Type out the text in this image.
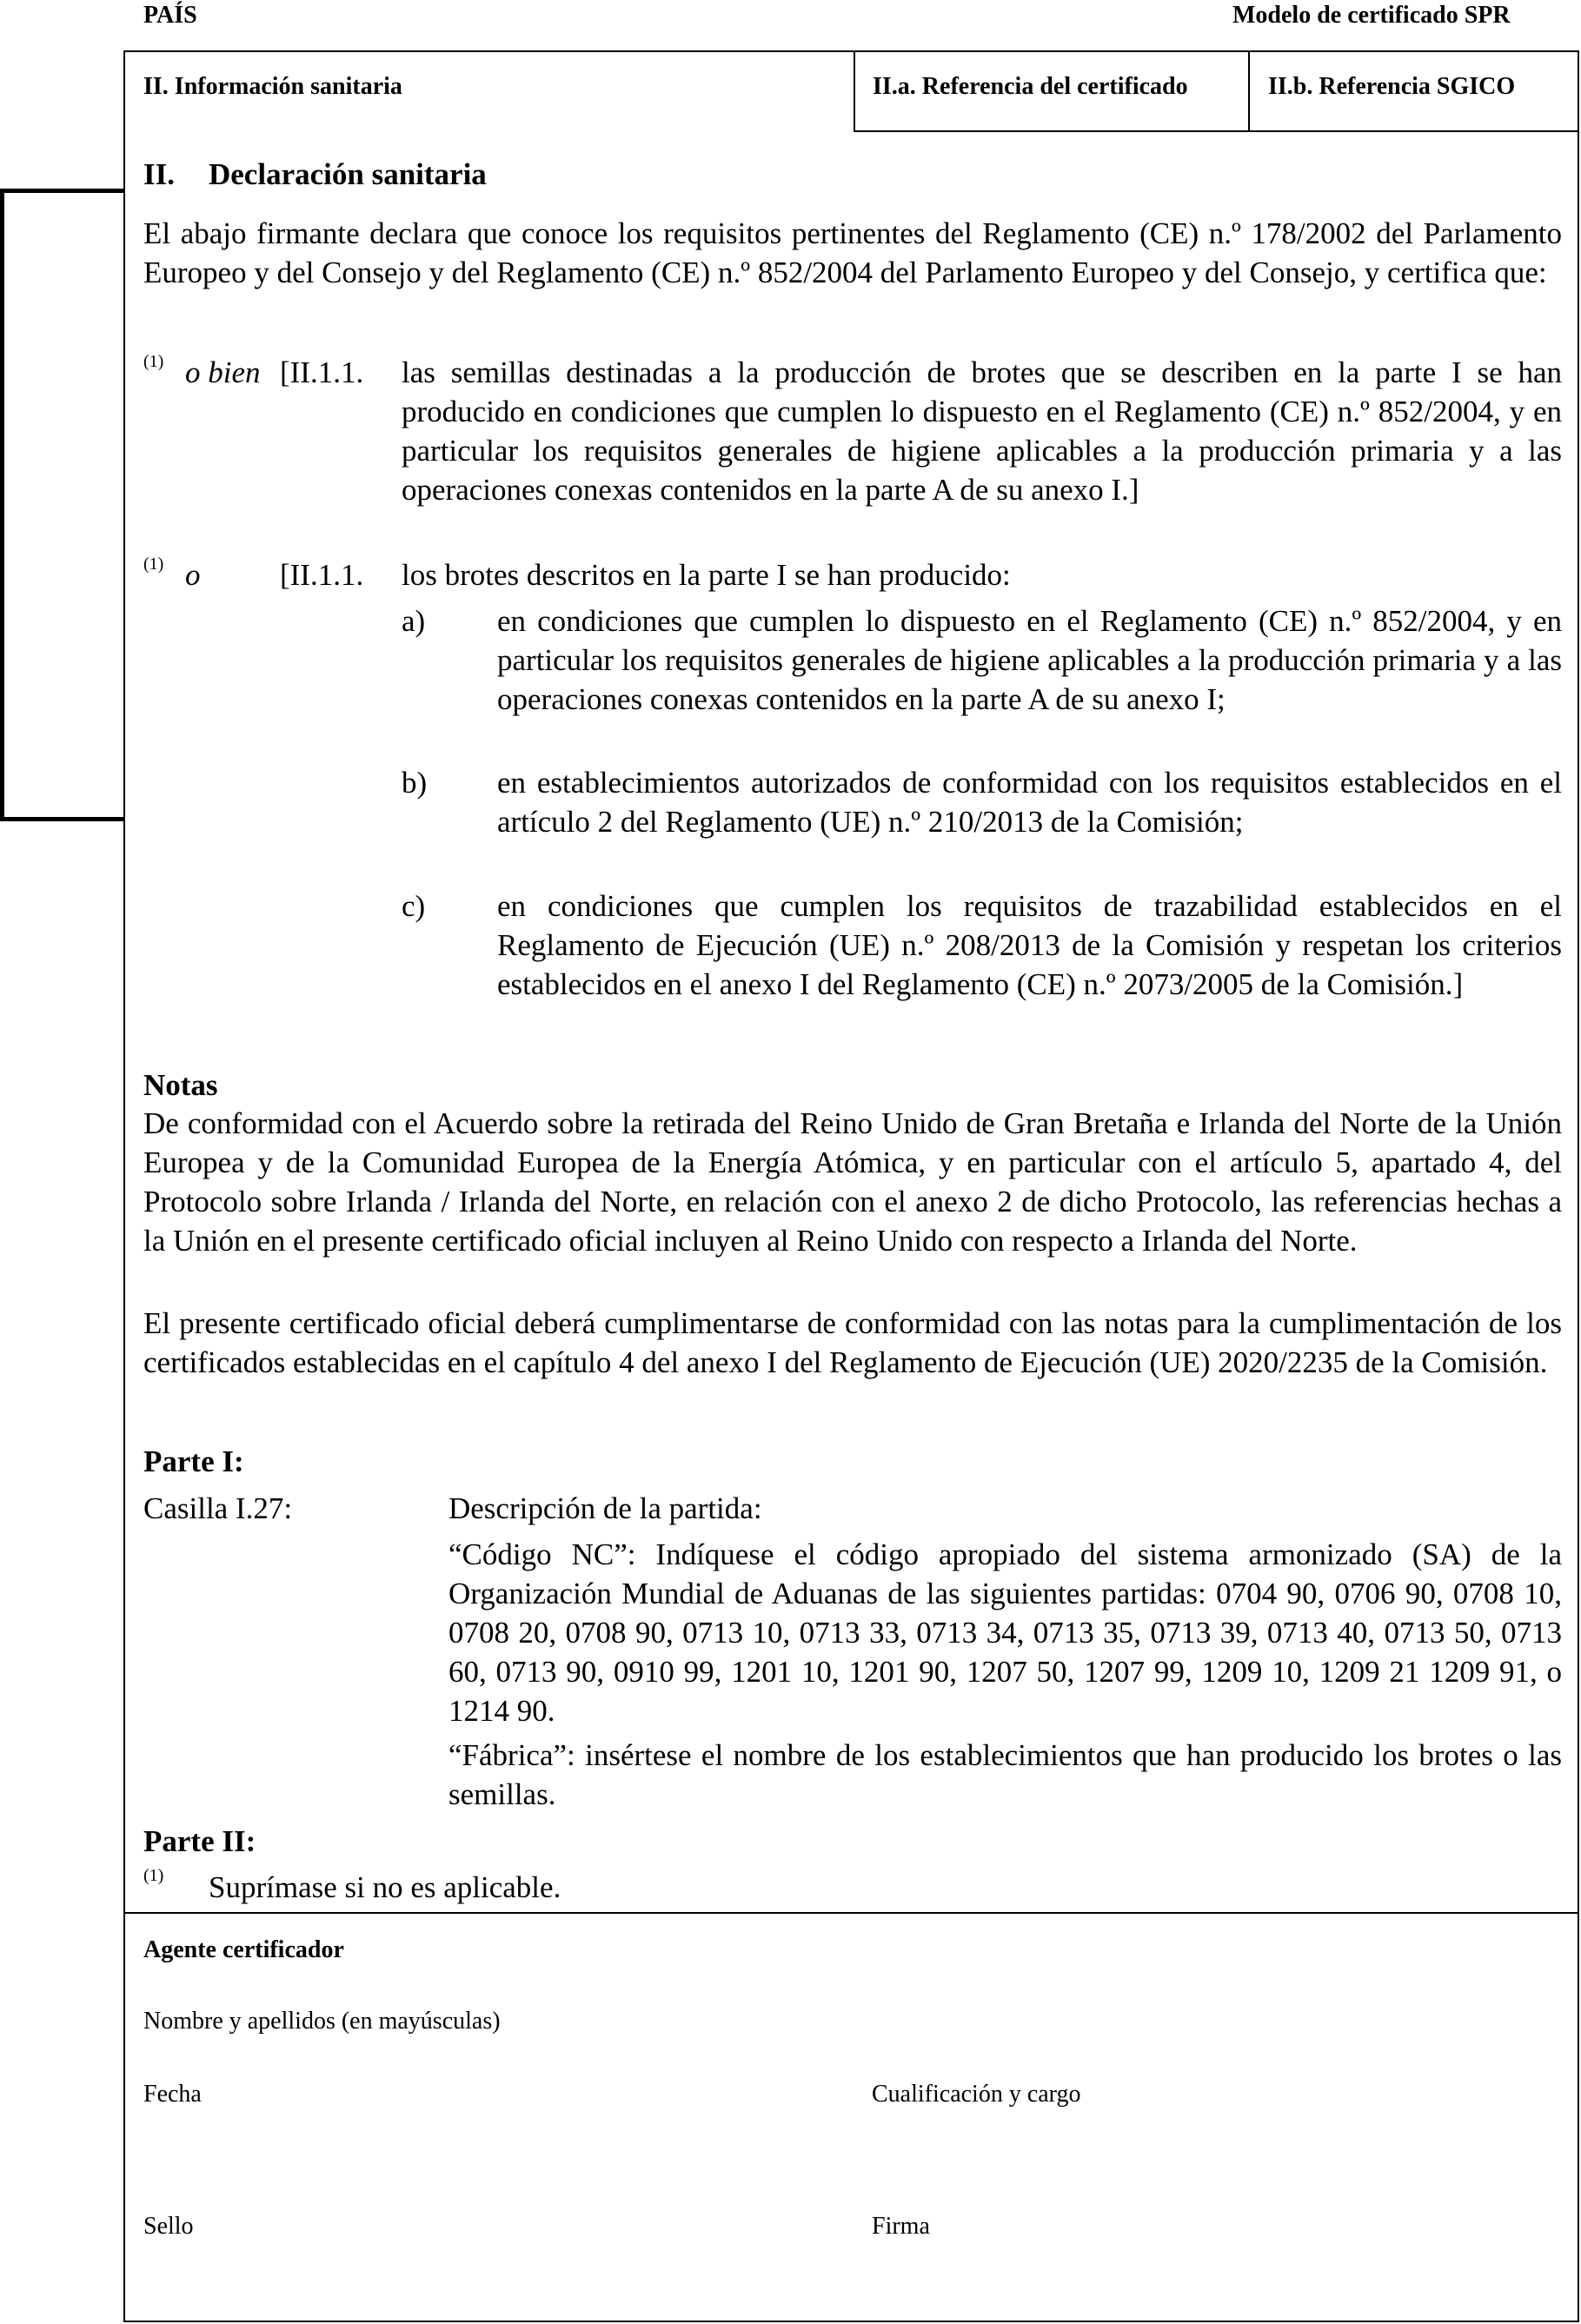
PAÍS	Modelo de certificado SPR
II. Información sanitaria	II.a. Referencia del certificado	II.b. Referencia SGICO
II. Declaración sanitaria
El abajo firmante declara que conoce los requisitos pertinentes del Reglamento (CE) n.º 178/2002 del Parlamento Europeo y del Consejo y del Reglamento (CE) n.º 852/2004 del Parlamento Europeo y del Consejo, y certifica que:
(1) o bien [II.1.1. las semillas destinadas a la producción de brotes que se describen en la parte I se han producido en condiciones que cumplen lo dispuesto en el Reglamento (CE) n.º 852/2004, y en particular los requisitos generales de higiene aplicables a la producción primaria y a las operaciones conexas contenidos en la parte A de su anexo I.]
(1) o	[II.1.1. los brotes descritos en la parte I se han producido:
a) en condiciones que cumplen lo dispuesto en el Reglamento (CE) n.º 852/2004, y en particular los requisitos generales de higiene aplicables a la producción primaria y a las operaciones conexas contenidos en la parte A de su anexo I;
b) en establecimientos autorizados de conformidad con los requisitos establecidos en el artículo 2 del Reglamento (UE) n.º 210/2013 de la Comisión;
c) en condiciones que cumplen los requisitos de trazabilidad establecidos en el Reglamento de Ejecución (UE) n.º 208/2013 de la Comisión y respetan los criterios establecidos en el anexo I del Reglamento (CE) n.º 2073/2005 de la Comisión.]
Notas
De conformidad con el Acuerdo sobre la retirada del Reino Unido de Gran Bretaña e Irlanda del Norte de la Unión Europea y de la Comunidad Europea de la Energía Atómica, y en particular con el artículo 5, apartado 4, del Protocolo sobre Irlanda / Irlanda del Norte, en relación con el anexo 2 de dicho Protocolo, las referencias hechas a la Unión en el presente certificado oficial incluyen al Reino Unido con respecto a Irlanda del Norte.
El presente certificado oficial deberá cumplimentarse de conformidad con las notas para la cumplimentación de los certificados establecidas en el capítulo 4 del anexo I del Reglamento de Ejecución (UE) 2020/2235 de la Comisión.
Parte I:
Casilla I.27:	Descripción de la partida:
“Código NC”: Indíquese el código apropiado del sistema armonizado (SA) de la Organización Mundial de Aduanas de las siguientes partidas: 0704 90, 0706 90, 0708 10, 0708 20, 0708 90, 0713 10, 0713 33, 0713 34, 0713 35, 0713 39, 0713 40, 0713 50, 0713 60, 0713 90, 0910 99, 1201 10, 1201 90, 1207 50, 1207 99, 1209 10, 1209 21 1209 91, o 1214 90.
“Fábrica”: insértese el nombre de los establecimientos que han producido los brotes o las semillas.
Parte II:
(1) Suprímase si no es aplicable.
Agente certificador
Nombre y apellidos (en mayúsculas)
Fecha	Cualificación y cargo
Sello	Firma
